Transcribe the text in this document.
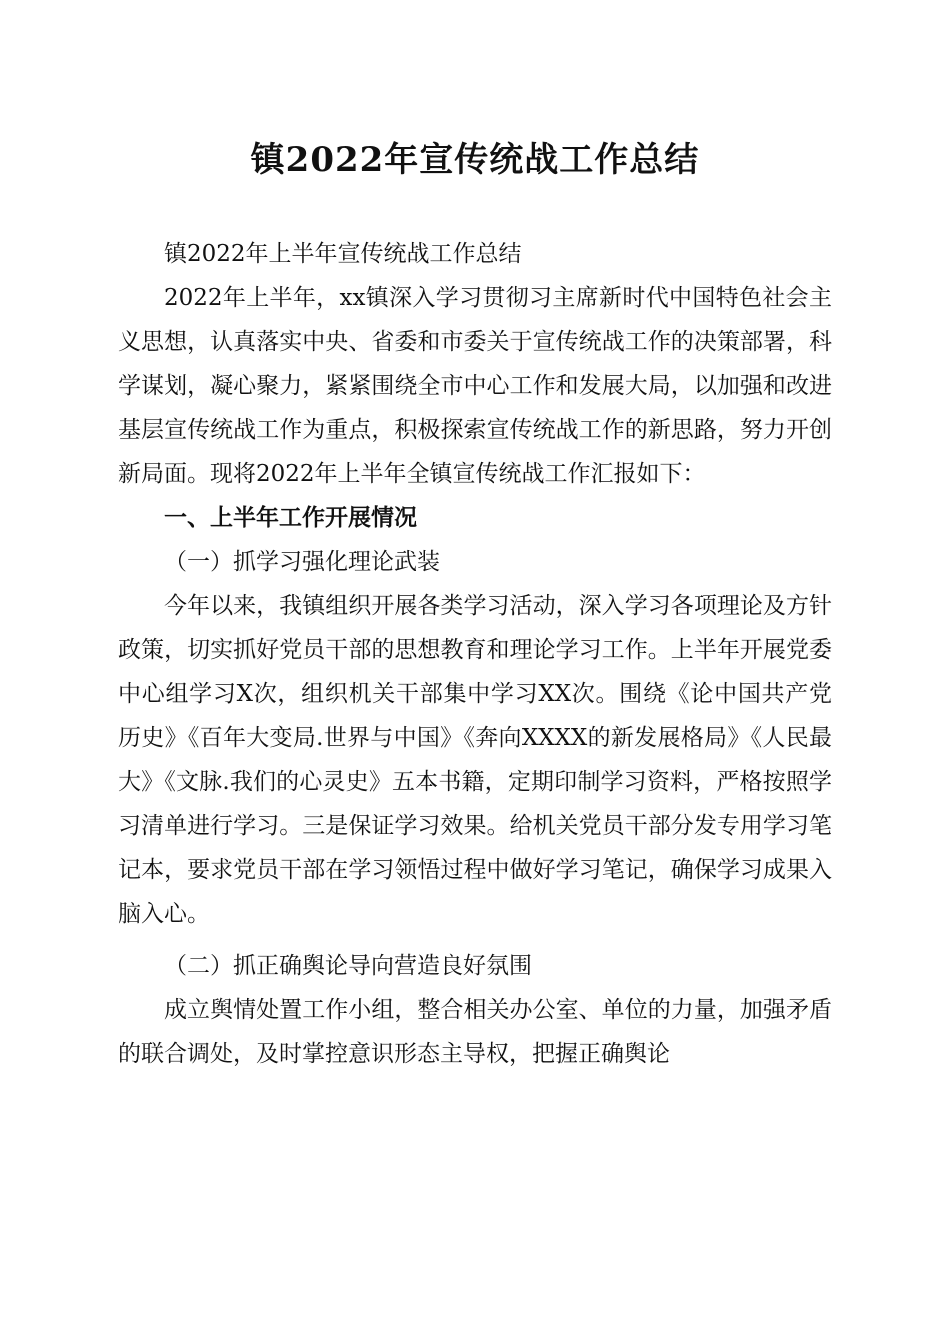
镇2022年宣传统战工作总结

镇2022年上半年宣传统战工作总结

2022年上半年，xx镇深入学习贯彻习主席新时代中国特色社会主义思想，认真落实中央、省委和市委关于宣传统战工作的决策部署，科学谋划，凝心聚力，紧紧围绕全市中心工作和发展大局，以加强和改进基层宣传统战工作为重点，积极探索宣传统战工作的新思路，努力开创新局面。现将2022年上半年全镇宣传统战工作汇报如下：

一、上半年工作开展情况

（一）抓学习强化理论武装

今年以来，我镇组织开展各类学习活动，深入学习各项理论及方针政策，切实抓好党员干部的思想教育和理论学习工作。上半年开展党委中心组学习X次，组织机关干部集中学习XX次。围绕《论中国共产党历史》《百年大变局.世界与中国》《奔向XXXX的新发展格局》《人民最大》《文脉.我们的心灵史》五本书籍，定期印制学习资料，严格按照学习清单进行学习。三是保证学习效果。给机关党员干部分发专用学习笔记本，要求党员干部在学习领悟过程中做好学习笔记，确保学习成果入脑入心。

（二）抓正确舆论导向营造良好氛围

成立舆情处置工作小组，整合相关办公室、单位的力量，加强矛盾的联合调处，及时掌控意识形态主导权，把握正确舆论
